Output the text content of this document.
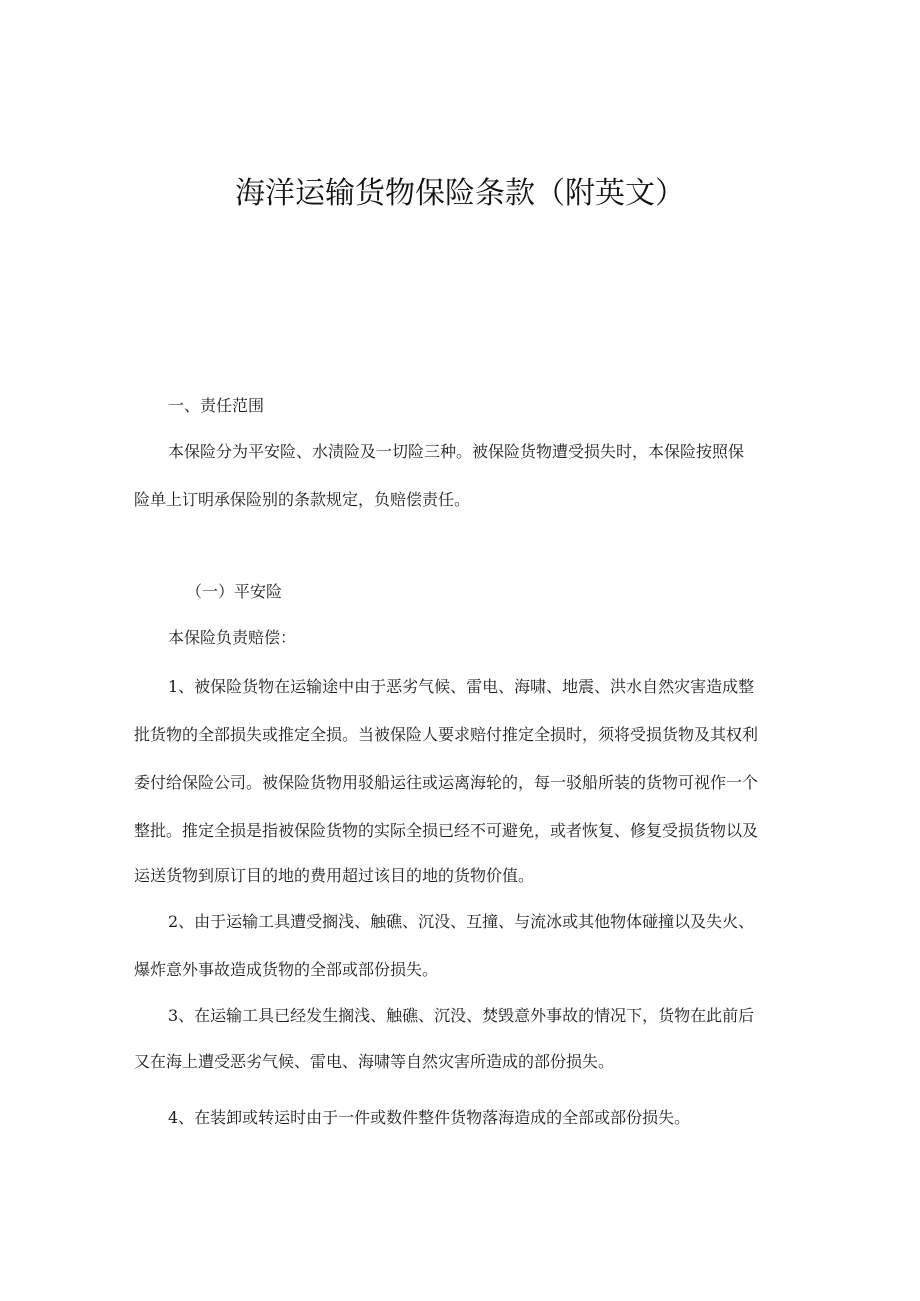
海洋运输货物保险条款（附英文）
一、责任范围
本保险分为平安险、水渍险及一切险三种。被保险货物遭受损失时，本保险按照保
险单上订明承保险别的条款规定，负赔偿责任。
（一）平安险
本保险负责赔偿：
1、被保险货物在运输途中由于恶劣气候、雷电、海啸、地震、洪水自然灾害造成整
批货物的全部损失或推定全损。当被保险人要求赔付推定全损时，须将受损货物及其权利
委付给保险公司。被保险货物用驳船运往或运离海轮的，每一驳船所装的货物可视作一个
整批。推定全损是指被保险货物的实际全损已经不可避免，或者恢复、修复受损货物以及
运送货物到原订目的地的费用超过该目的地的货物价值。
2、由于运输工具遭受搁浅、触礁、沉没、互撞、与流冰或其他物体碰撞以及失火、
爆炸意外事故造成货物的全部或部份损失。
3、在运输工具已经发生搁浅、触礁、沉没、焚毁意外事故的情况下，货物在此前后
又在海上遭受恶劣气候、雷电、海啸等自然灾害所造成的部份损失。
4、在装卸或转运时由于一件或数件整件货物落海造成的全部或部份损失。
